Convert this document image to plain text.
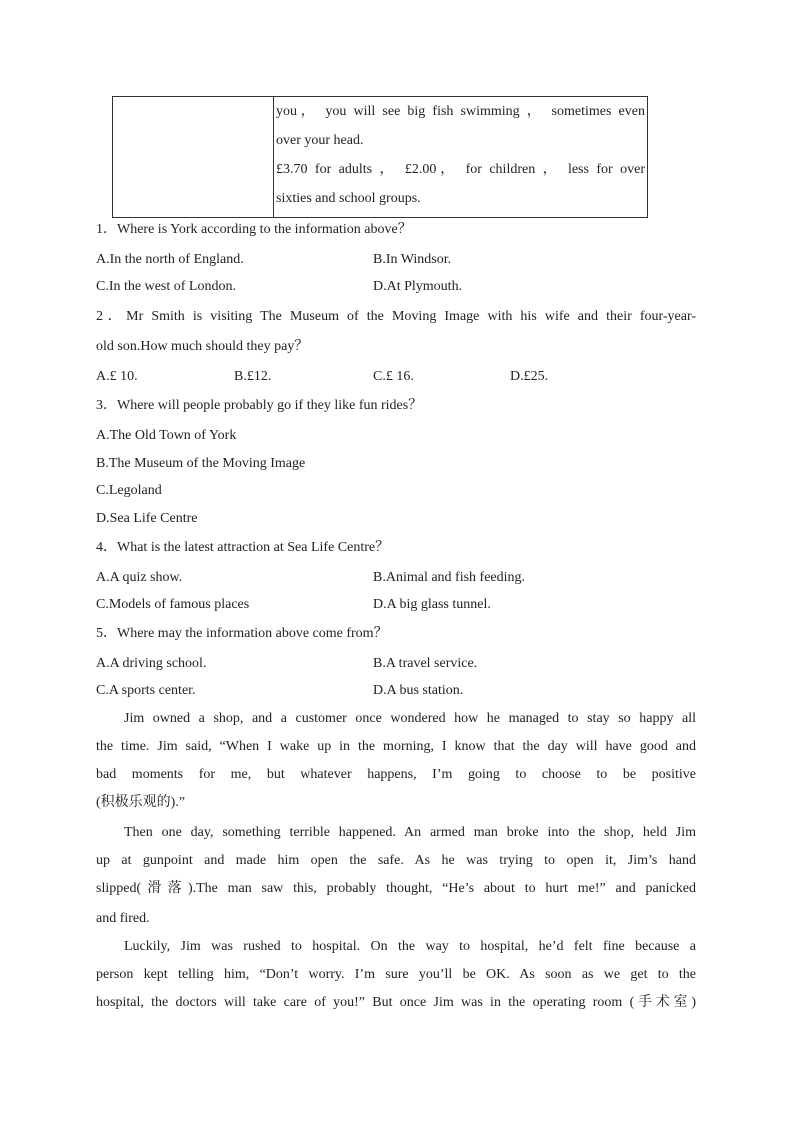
you， you will see big fish swimming ， sometimes even
over your head.
£3.70 for adults ， £2.00， for children ， less for over
sixties and school groups.
1．Where is York according to the information above？
A.In the north of England.	B.In Windsor.
C.In the west of London.	D.At Plymouth.
2．Mr Smith is visiting The Museum of the Moving Image with his wife and their four-year-
old son.How much should they pay？
A.£ 10.	B.£12.	C.£ 16.	D.£25.
3．Where will people probably go if they like fun rides？
A.The Old Town of York
B.The Museum of the Moving Image
C.Legoland
D.Sea Life Centre
4．What is the latest attraction at Sea Life Centre？
A.A quiz show.	B.Animal and fish feeding.
C.Models of famous places	D.A big glass tunnel.
5．Where may the information above come from？
A.A driving school.	B.A travel service.
C.A sports center.	D.A bus station.
Jim owned a shop, and a customer once wondered how he managed to stay so happy all
the time. Jim said, “When I wake up in the morning, I know that the day will have good and
bad moments for me, but whatever happens, I’m going to choose to be positive
(积极乐观的).”
Then one day, something terrible happened. An armed man broke into the shop, held Jim
up at gunpoint and made him open the safe. As he was trying to open it, Jim’s hand
slipped(滑落).The man saw this, probably thought, “He’s about to hurt me!” and panicked
and fired.
Luckily, Jim was rushed to hospital. On the way to hospital, he’d felt fine because a
person kept telling him, “Don’t worry. I’m sure you’ll be OK. As soon as we get to the
hospital, the doctors will take care of you!” But once Jim was in the operating room (手术室)
